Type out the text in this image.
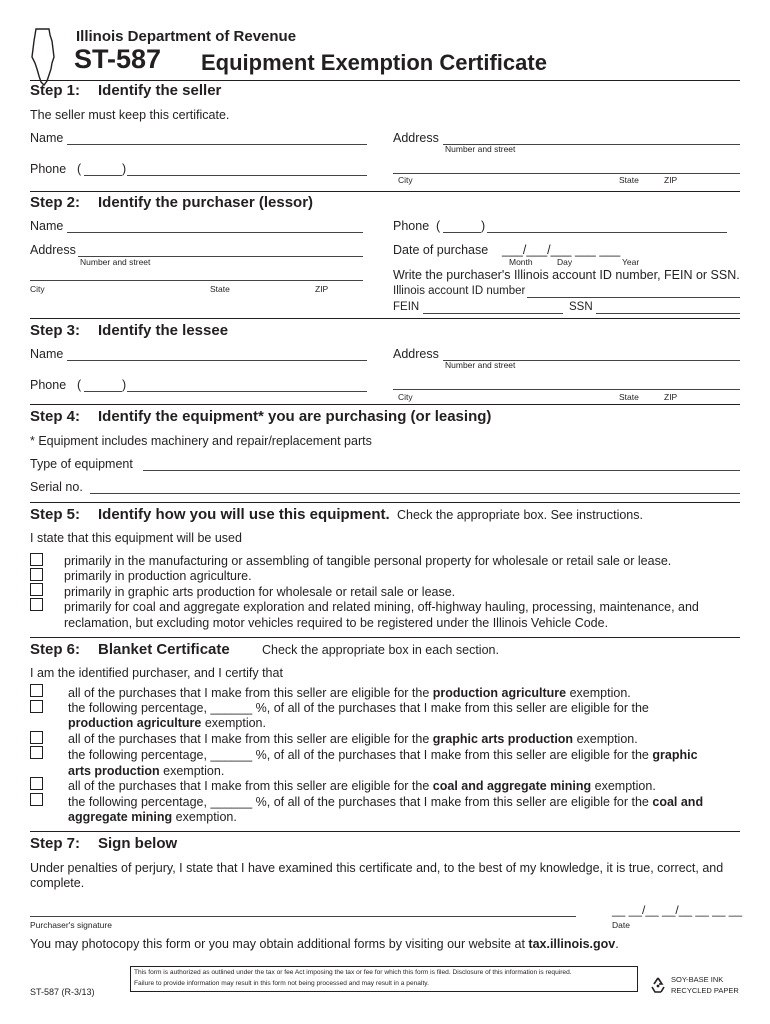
Illinois Department of Revenue
ST-587 Equipment Exemption Certificate
Step 1: Identify the seller
The seller must keep this certificate.
Name	Address
Number and street
Phone (	)
City	State	ZIP
Step 2: Identify the purchaser (lessor)
Name	Phone (	)
Address
Number and street
Date of purchase ___/___/___ ___ ___
Month	Day	Year
City	State	ZIP
Write the purchaser's Illinois account ID number, FEIN or SSN.
Illinois account ID number
FEIN	SSN
Step 3: Identify the lessee
Name	Address
Number and street
Phone (	)
City	State	ZIP
Step 4: Identify the equipment* you are purchasing (or leasing)
* Equipment includes machinery and repair/replacement parts
Type of equipment
Serial no.
Step 5: Identify how you will use this equipment. Check the appropriate box. See instructions.
I state that this equipment will be used
primarily in the manufacturing or assembling of tangible personal property for wholesale or retail sale or lease.
primarily in production agriculture.
primarily in graphic arts production for wholesale or retail sale or lease.
primarily for coal and aggregate exploration and related mining, off-highway hauling, processing, maintenance, and
reclamation, but excluding motor vehicles required to be registered under the Illinois Vehicle Code.
Step 6: Blanket Certificate	Check the appropriate box in each section.
I am the identified purchaser, and I certify that
all of the purchases that I make from this seller are eligible for the production agriculture exemption.
the following percentage, ______ %, of all of the purchases that I make from this seller are eligible for the
production agriculture exemption.
all of the purchases that I make from this seller are eligible for the graphic arts production exemption.
the following percentage, ______ %, of all of the purchases that I make from this seller are eligible for the graphic
arts production exemption.
all of the purchases that I make from this seller are eligible for the coal and aggregate mining exemption.
the following percentage, ______ %, of all of the purchases that I make from this seller are eligible for the coal and
aggregate mining exemption.
Step 7: Sign below
Under penalties of perjury, I state that I have examined this certificate and, to the best of my knowledge, it is true, correct, and
complete.
__ __/__ __/__ __ __ __
Purchaser's signature	Date
You may photocopy this form or you may obtain additional forms by visiting our website at tax.illinois.gov.
ST-587 (R-3/13)
This form is authorized as outlined under the tax or fee Act imposing the tax or fee for which this form is filed. Disclosure of this information is required.
Failure to provide information may result in this form not being processed and may result in a penalty.	SOY-BASE INK
RECYCLED PAPER
